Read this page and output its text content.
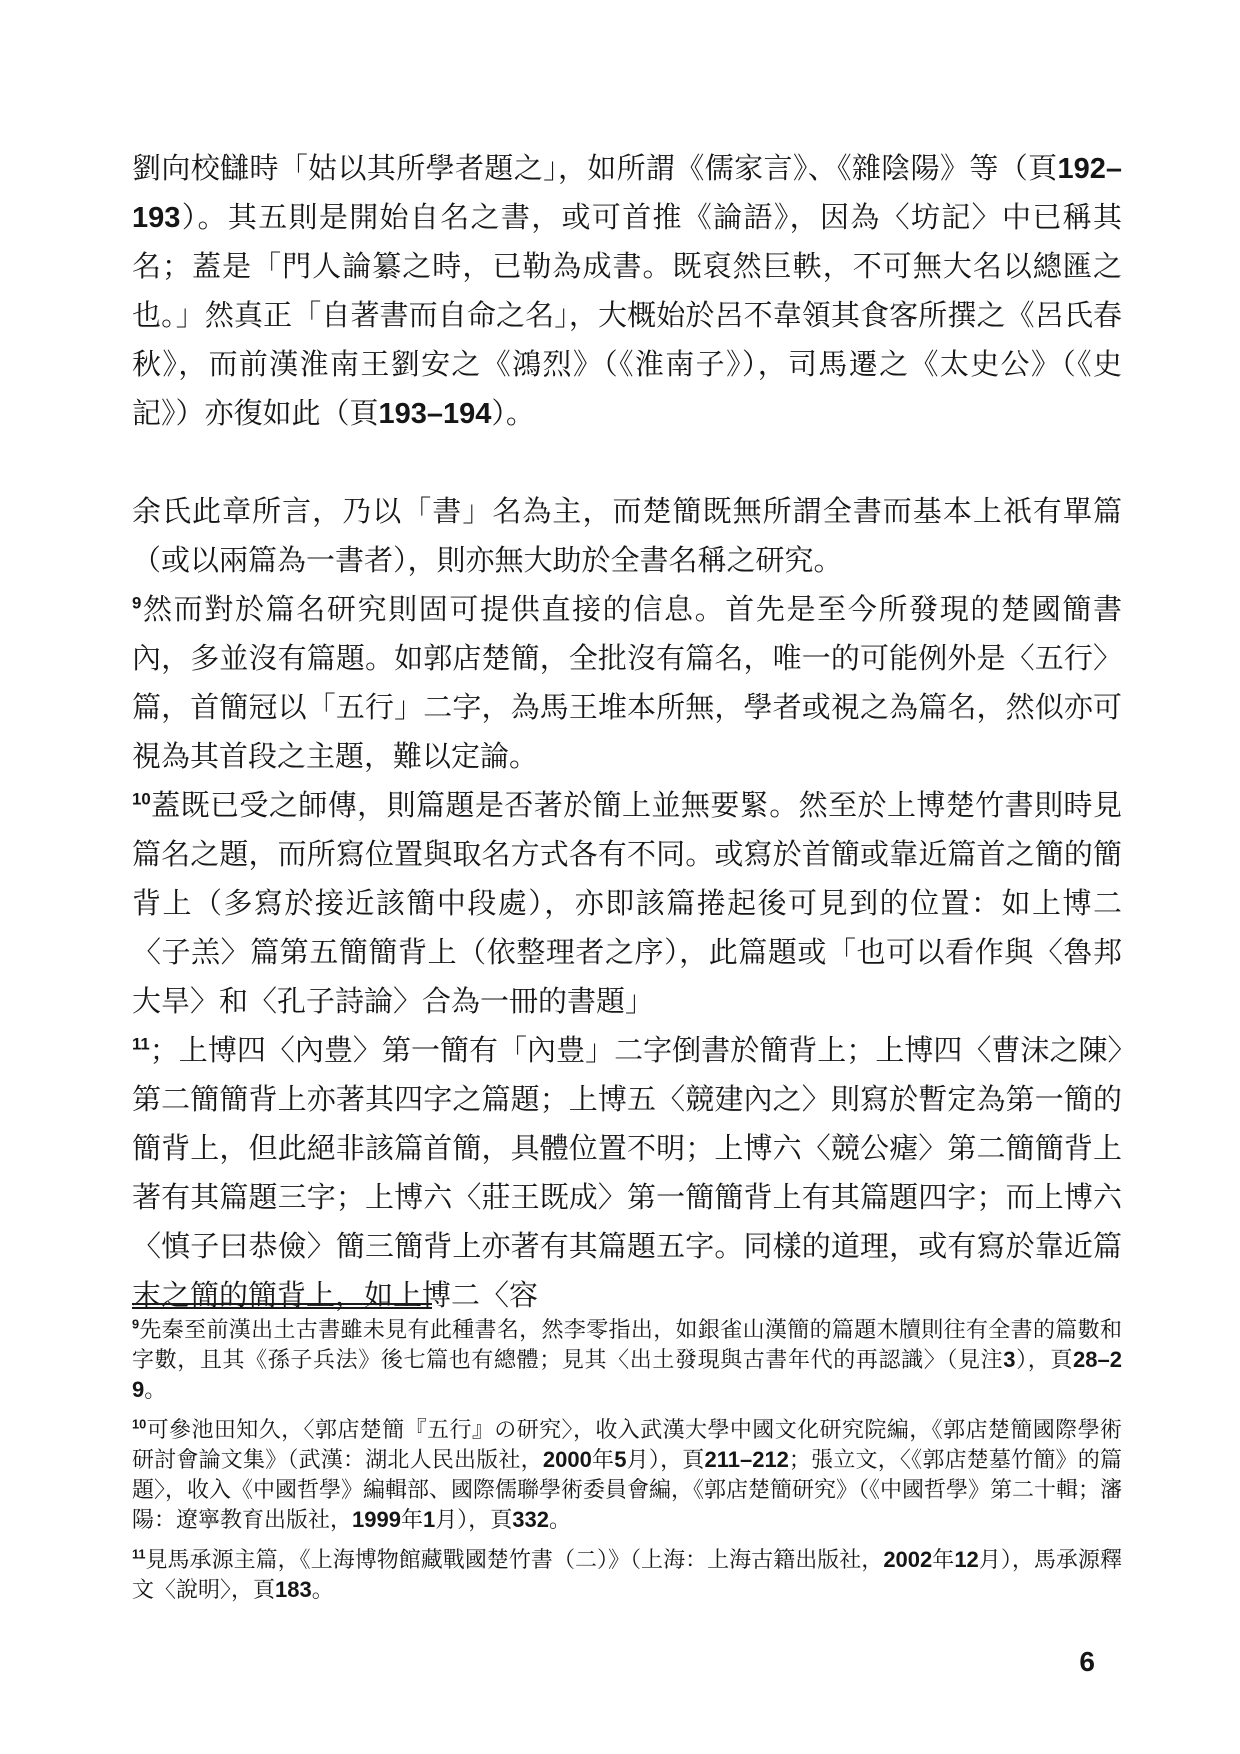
劉向校讎時「姑以其所學者題之」，如所謂《儒家言》、《雜陰陽》等（頁192–193）。其五則是開始自名之書，或可首推《論語》，因為〈坊記〉中已稱其名；蓋是「門人論纂之時，已勒為成書。既裒然巨軼，不可無大名以總匯之也。」然真正「自著書而自命之名」，大概始於呂不韋領其食客所撰之《呂氏春秋》，而前漢淮南王劉安之《鴻烈》（《淮南子》），司馬遷之《太史公》（《史記》）亦復如此（頁193–194）。

余氏此章所言，乃以「書」名為主，而楚簡既無所謂全書而基本上祇有單篇（或以兩篇為一書者），則亦無大助於全書名稱之研究。

$^9$然而對於篇名研究則固可提供直接的信息。首先是至今所發現的楚國簡書內，多並沒有篇題。如郭店楚簡，全批沒有篇名，唯一的可能例外是〈五行〉篇，首簡冠以「五行」二字，為馬王堆本所無，學者或視之為篇名，然似亦可視為其首段之主題，難以定論。

$^{10}$蓋既已受之師傳，則篇題是否著於簡上並無要緊。然至於上博楚竹書則時見篇名之題，而所寫位置與取名方式各有不同。或寫於首簡或靠近篇首之簡的簡背上（多寫於接近該簡中段處），亦即該篇捲起後可見到的位置：如上博二〈子羔〉篇第五簡簡背上（依整理者之序），此篇題或「也可以看作與〈魯邦大旱〉和〈孔子詩論〉合為一冊的書題」

$^{11}$；上博四〈內豊〉第一簡有「內豊」二字倒書於簡背上；上博四〈曹沫之陳〉第二簡簡背上亦著其四字之篇題；上博五〈競建內之〉則寫於暫定為第一簡的簡背上，但此絕非該篇首簡，具體位置不明；上博六〈競公瘧〉第二簡簡背上著有其篇題三字；上博六〈莊王既成〉第一簡簡背上有其篇題四字；而上博六〈慎子曰恭儉〉簡三簡背上亦著有其篇題五字。同樣的道理，或有寫於靠近篇末之簡的簡背上，如上博二〈容

$^9$先秦至前漢出土古書雖未見有此種書名，然李零指出，如銀雀山漢簡的篇題木牘則往有全書的篇數和字數，且其《孫子兵法》後七篇也有總體；見其〈出土發現與古書年代的再認識〉（見注3），頁28–29。

$^{10}$可參池田知久，〈郭店楚簡『五行』の研究〉，收入武漢大學中國文化研究院編，《郭店楚簡國際學術研討會論文集》（武漢：湖北人民出版社，2000年5月），頁211–212；張立文，〈《郭店楚墓竹簡》的篇題〉，收入《中國哲學》編輯部、國際儒聯學術委員會編，《郭店楚簡研究》（《中國哲學》第二十輯；瀋陽：遼寧教育出版社，1999年1月），頁332。

$^{11}$見馬承源主篇，《上海博物館藏戰國楚竹書（二）》（上海：上海古籍出版社，2002年12月），馬承源釋文〈說明〉，頁183。

6
